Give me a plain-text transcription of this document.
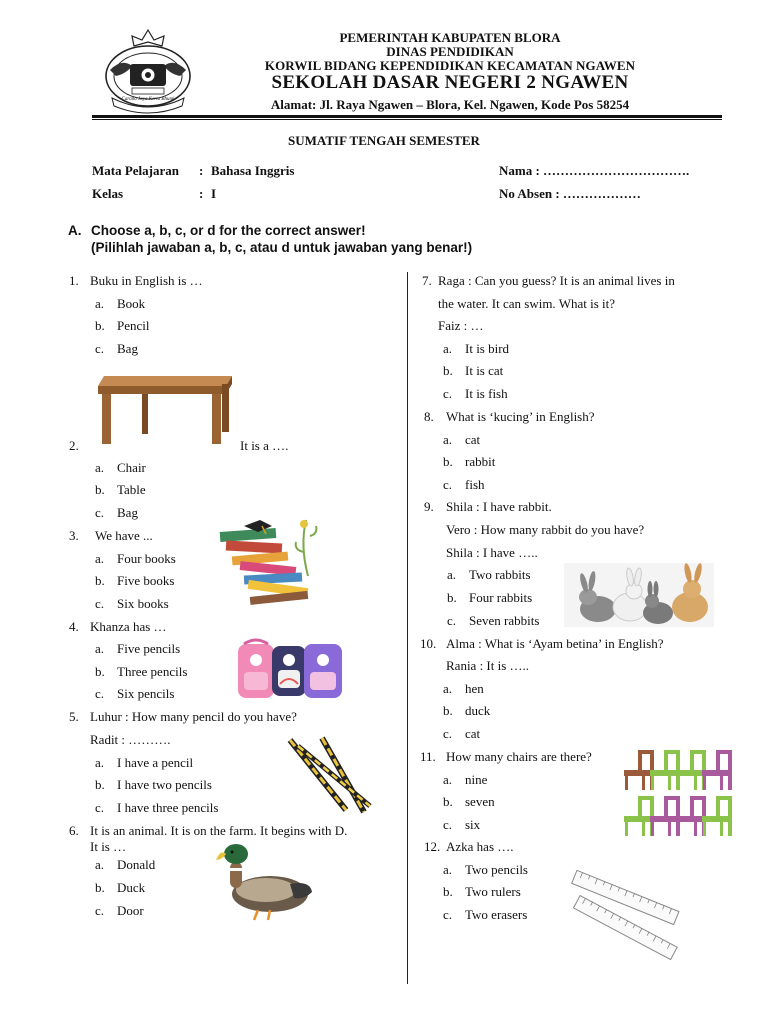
Carana Jaya Kerta Bhumi
PEMERINTAH KABUPATEN BLORA
DINAS PENDIDIKAN
KORWIL BIDANG KEPENDIDIKAN KECAMATAN NGAWEN
SEKOLAH DASAR NEGERI 2 NGAWEN
Alamat: Jl. Raya Ngawen – Blora, Kel. Ngawen, Kode Pos 58254
SUMATIF TENGAH SEMESTER
Mata Pelajaran : Bahasa Inggris
Kelas	: I
Nama : …………………………….
No Absen : ………………
A. Choose a, b, c, or d for the correct answer!
(Pilihlah jawaban a, b, c, atau d untuk jawaban yang benar!)
1. Buku in English is …
a. Book
b. Pencil
c. Bag
2.	It is a ….
a. Chair
b. Table
c. Bag
3. We have ...
a. Four books
b. Five books
c. Six books
4. Khanza has …
a. Five pencils
b. Three pencils
c. Six pencils
5. Luhur : How many pencil do you have?
Radit : ……….
a. I have a pencil
b. I have two pencils
c. I have three pencils
6. It is an animal. It is on the farm. It begins with D.
It is …
a. Donald
b. Duck
c. Door
7. Raga : Can you guess? It is an animal lives in
the water. It can swim. What is it?
Faiz : …
a. It is bird
b. It is cat
c. It is fish
8. What is ‘kucing’ in English?
a. cat
b. rabbit
c. fish
9. Shila : I have rabbit.
Vero : How many rabbit do you have?
Shila : I have …..
a. Two rabbits
b. Four rabbits
c. Seven rabbits
10. Alma : What is ‘Ayam betina’ in English?
Rania : It is …..
a. hen
b. duck
c. cat
11. How many chairs are there?
a. nine
b. seven
c. six
12. Azka has ….
a. Two pencils
b. Two rulers
c. Two erasers
